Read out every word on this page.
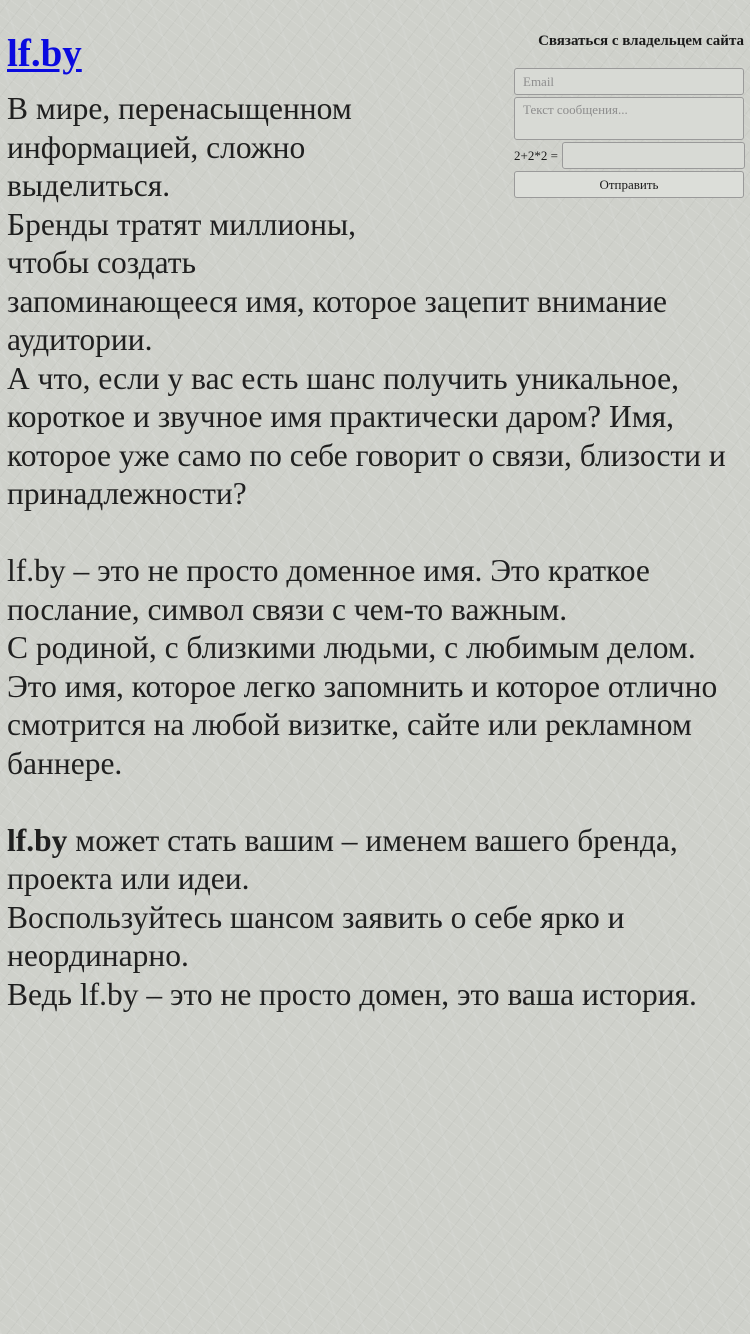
lf.by	Связаться с владельцем сайта
Email
Текст сообщения...
2+2*2 =
Отправить

В мире, перенасыщенном
информацией, сложно
выделиться.

Бренды тратят миллионы,
чтобы создать
запоминающееся имя, которое зацепит внимание аудитории.

А что, если у вас есть шанс получить уникальное, короткое и звучное имя практически даром? Имя, которое уже само по себе говорит о связи, близости и принадлежности?

lf.by – это не просто доменное имя. Это краткое послание, символ связи с чем-то важным.

С родиной, с близкими людьми, с любимым делом.

Это имя, которое легко запомнить и которое отлично смотрится на любой визитке, сайте или рекламном баннере.

lf.by может стать вашим – именем вашего бренда, проекта или идеи.

Воспользуйтесь шансом заявить о себе ярко и неординарно.

Ведь lf.by – это не просто домен, это ваша история.
